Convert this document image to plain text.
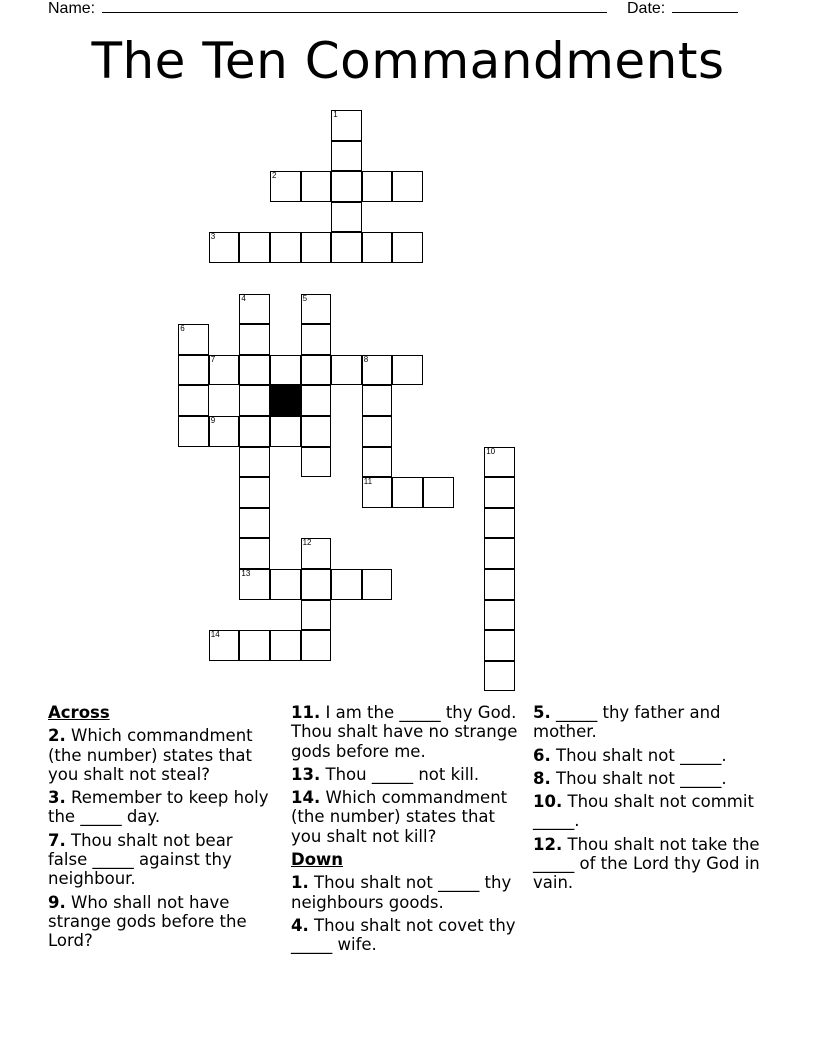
Name:	Date:
The Ten Commandments
1
2
3
4	5
6
7	8
9
10
11
12
13
14
Across
2. Which commandment (the number) states that you shalt not steal?
3. Remember to keep holy the _____ day.
7. Thou shalt not bear false _____ against thy neighbour.
9. Who shall not have strange gods before the Lord?
11. I am the _____ thy God. Thou shalt have no strange gods before me.
13. Thou _____ not kill.
14. Which commandment (the number) states that you shalt not kill?
Down
1. Thou shalt not _____ thy neighbours goods.
4. Thou shalt not covet thy _____ wife.
5. _____ thy father and mother.
6. Thou shalt not _____.
8. Thou shalt not _____.
10. Thou shalt not commit _____.
12. Thou shalt not take the _____ of the Lord thy God in vain.
